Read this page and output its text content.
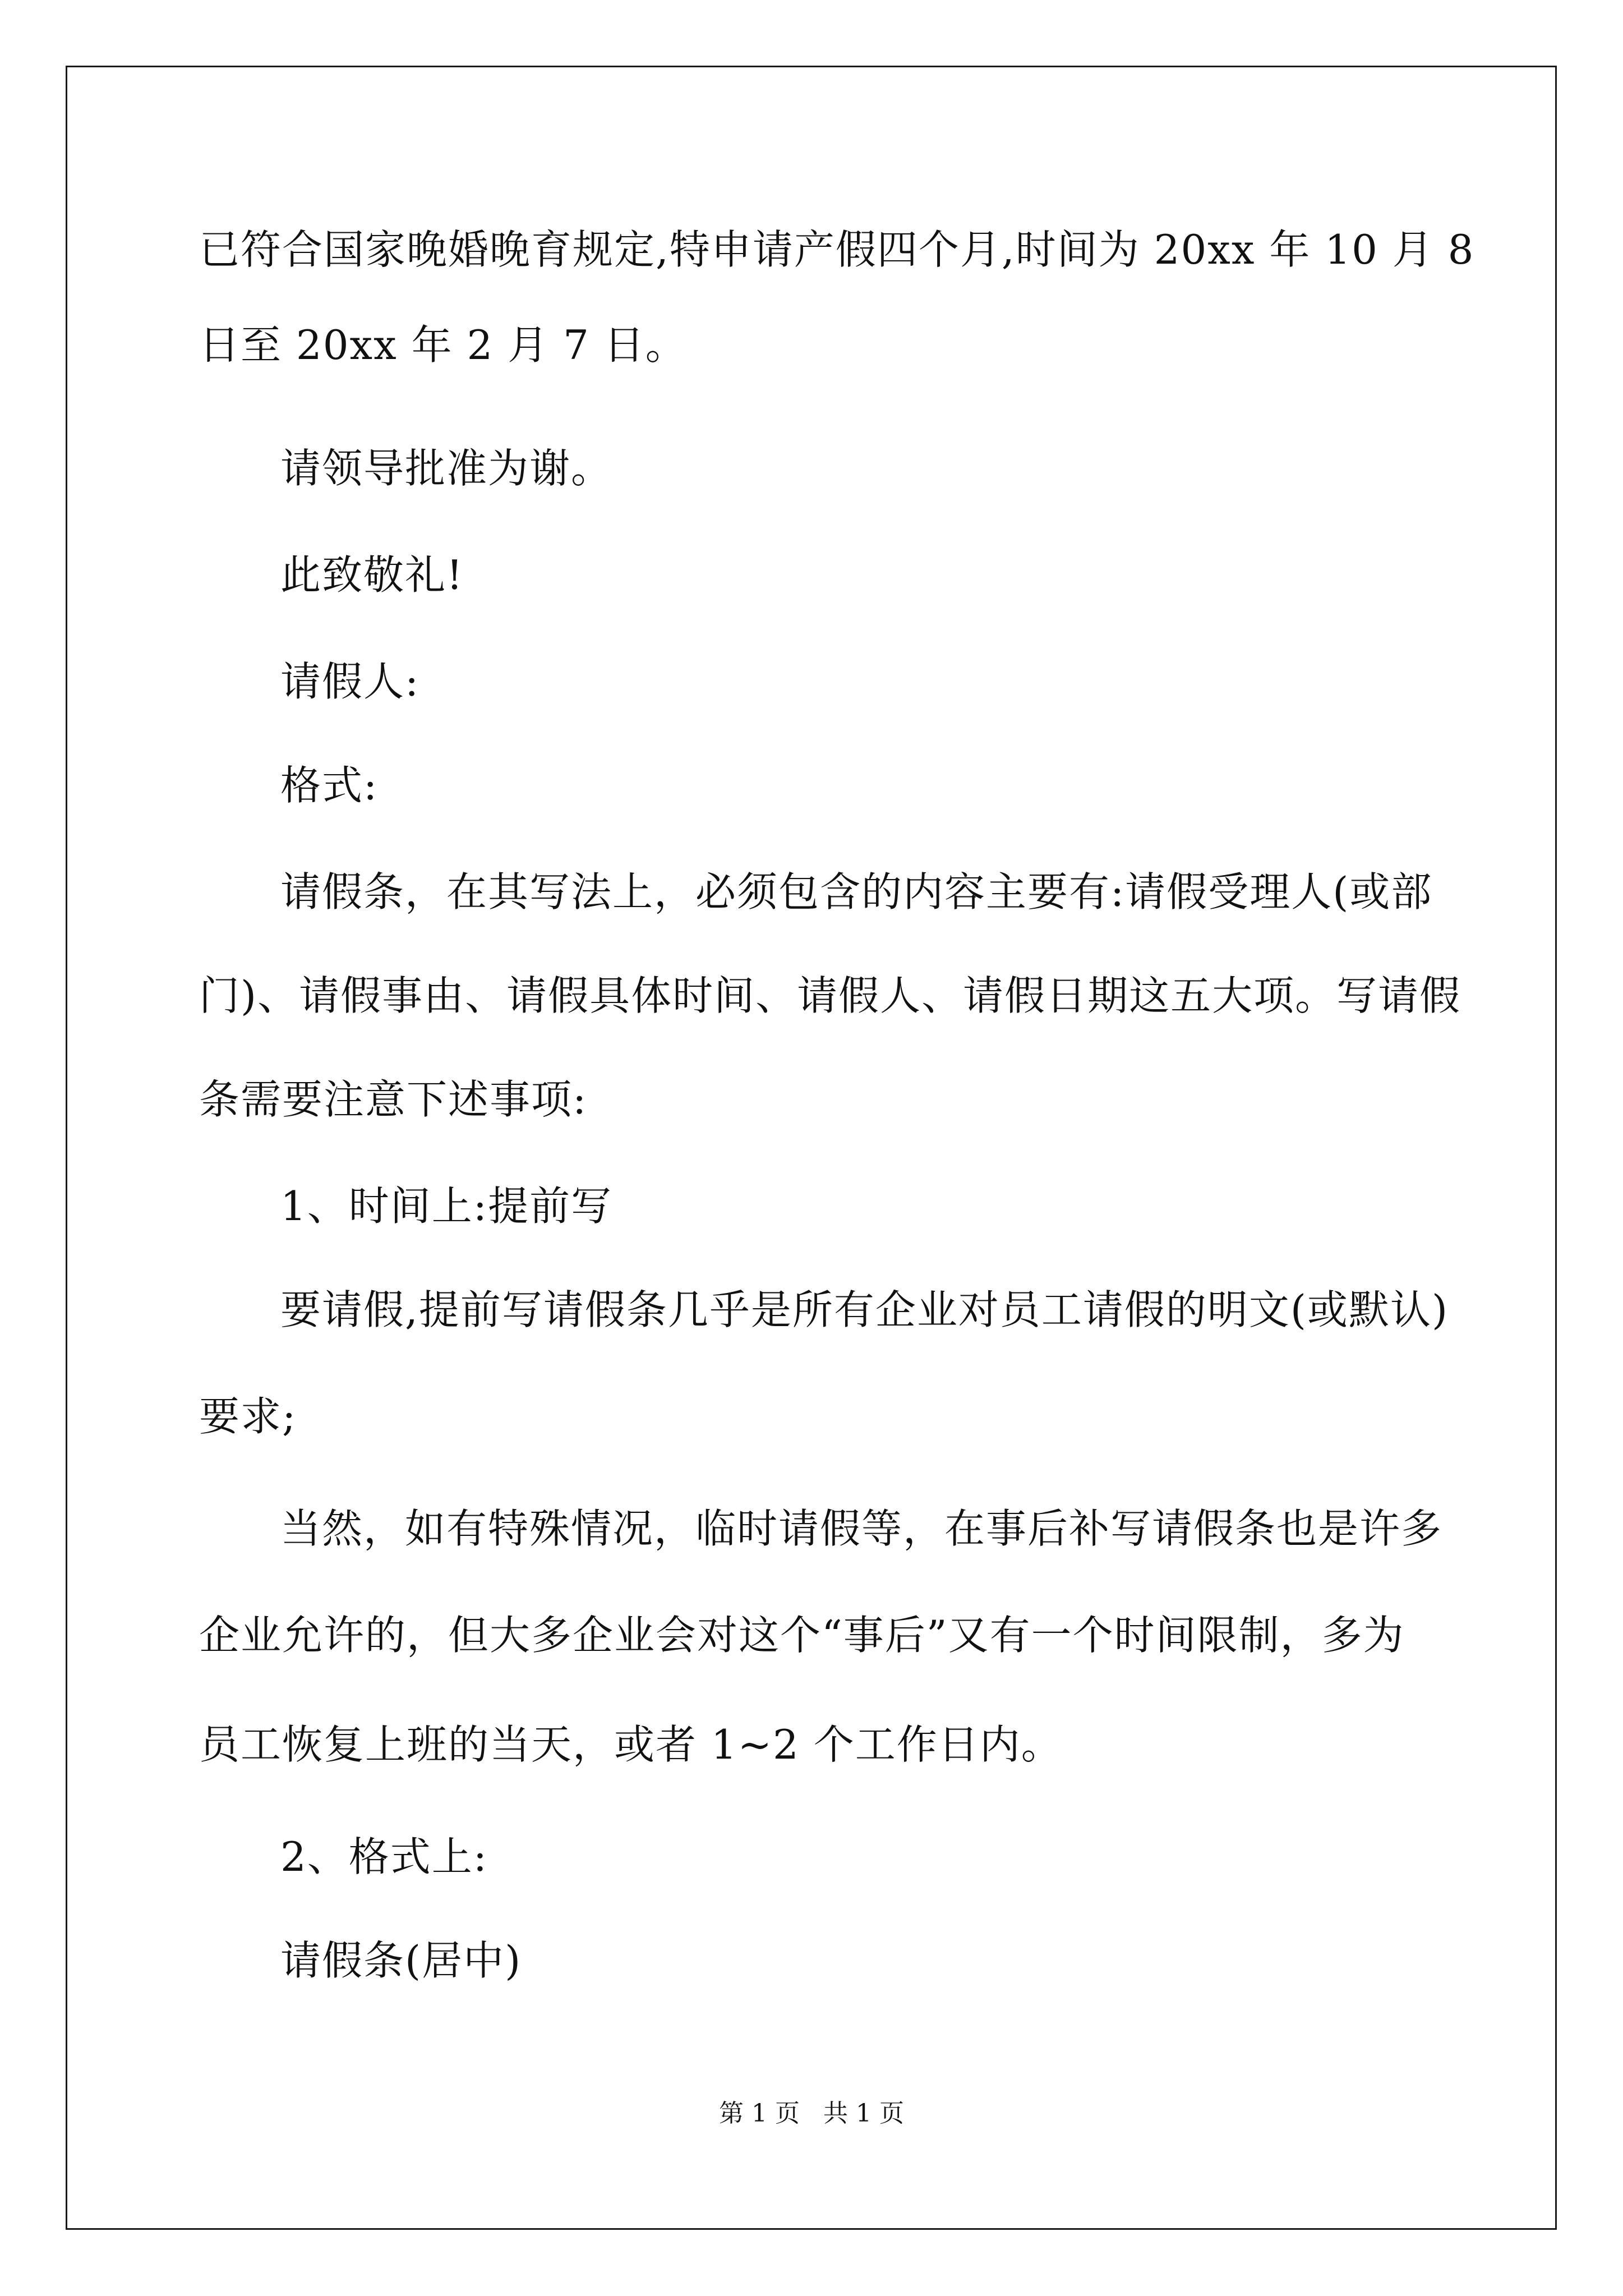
已符合国家晚婚晚育规定,特申请产假四个月,时间为 20xx 年 10 月 8
日至 20xx 年 2 月 7 日。
请领导批准为谢。
此致敬礼!
请假人:
格式:
请假条，在其写法上，必须包含的内容主要有:请假受理人(或部
门)、请假事由、请假具体时间、请假人、请假日期这五大项。写请假
条需要注意下述事项:
1、时间上:提前写
要请假,提前写请假条几乎是所有企业对员工请假的明文(或默认)
要求;
当然，如有特殊情况，临时请假等，在事后补写请假条也是许多
企业允许的，但大多企业会对这个“事后”又有一个时间限制，多为
员工恢复上班的当天，或者 1~2 个工作日内。
2、格式上:
请假条(居中)
第 1 页   共 1 页
